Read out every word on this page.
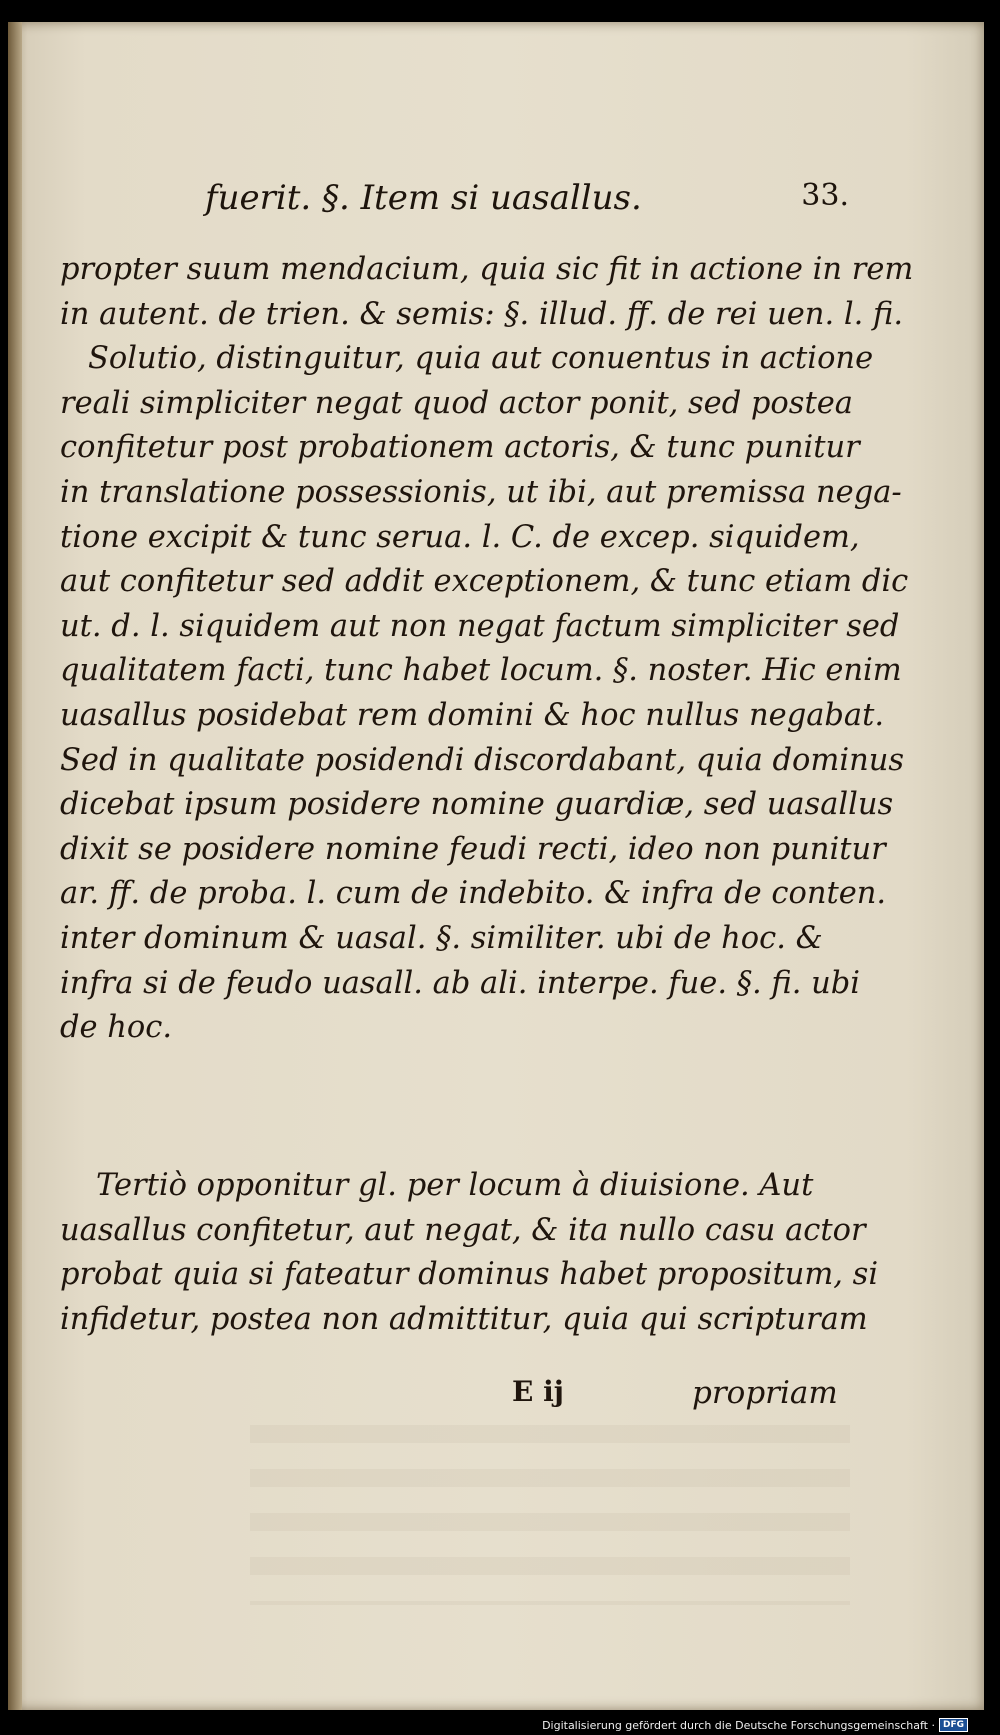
fuerit. §. Item si uasallus.	33.
propter suum mendacium, quia sic fit in actione in rem
in autent. de trien. & semis: §. illud. ff. de rei uen. l. fi.
Solutio, distinguitur, quia aut conuentus in actione
reali simpliciter negat quod actor ponit, sed postea
confitetur post probationem actoris, & tunc punitur
in translatione possessionis, ut ibi, aut premissa nega-
tione excipit & tunc serua. l. C. de excep. siquidem,
aut confitetur sed addit exceptionem, & tunc etiam dic
ut. d. l. siquidem aut non negat factum simpliciter sed
qualitatem facti, tunc habet locum. §. noster. Hic enim
uasallus posidebat rem domini & hoc nullus negabat.
Sed in qualitate posidendi discordabant, quia dominus
dicebat ipsum posidere nomine guardiæ, sed uasallus
dixit se posidere nomine feudi recti, ideo non punitur
ar. ff. de proba. l. cum de indebito. & infra de conten.
inter dominum & uasal. §. similiter. ubi de hoc. &
infra si de feudo uasall. ab ali. interpe. fue. §. fi. ubi
de hoc.
Tertiò opponitur gl. per locum à diuisione. Aut
uasallus confitetur, aut negat, & ita nullo casu actor
probat quia si fateatur dominus habet propositum, si
infidetur, postea non admittitur, quia qui scripturam
E ij	propriam
Digitalisierung gefördert durch die Deutsche Forschungsgemeinschaft · DFG
